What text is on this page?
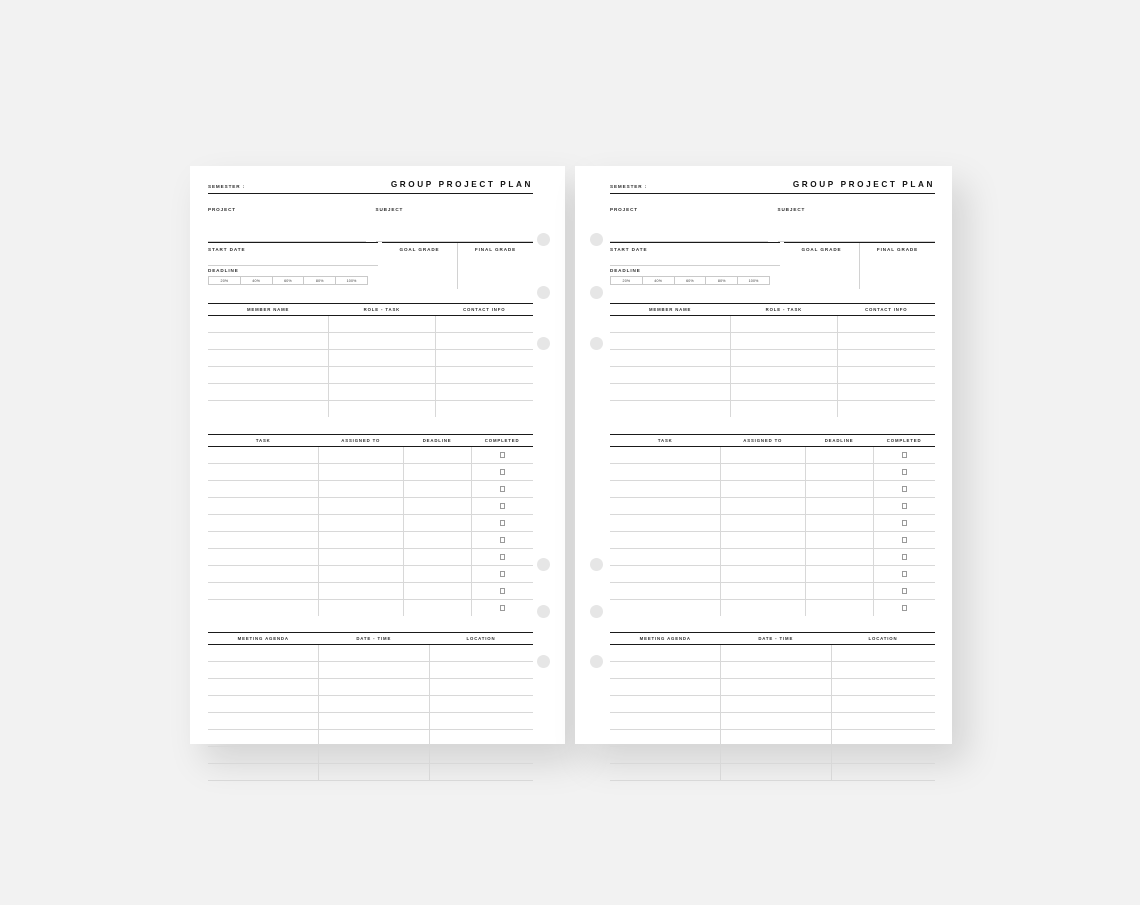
SEMESTER :	GROUP PROJECT PLAN
PROJECT	SUBJECT
START DATE
DEADLINE
20%	40%	60%	80%	100%
GOAL GRADE	FINAL GRADE
MEMBER NAME	ROLE - TASK	CONTACT INFO

TASK	ASSIGNED TO	DEADLINE	COMPLETED

MEETING AGENDA	DATE - TIME	LOCATION

SEMESTER :	GROUP PROJECT PLAN
PROJECT	SUBJECT
START DATE
DEADLINE
20%	40%	60%	80%	100%
GOAL GRADE	FINAL GRADE
MEMBER NAME	ROLE - TASK	CONTACT INFO

TASK	ASSIGNED TO	DEADLINE	COMPLETED

MEETING AGENDA	DATE - TIME	LOCATION
